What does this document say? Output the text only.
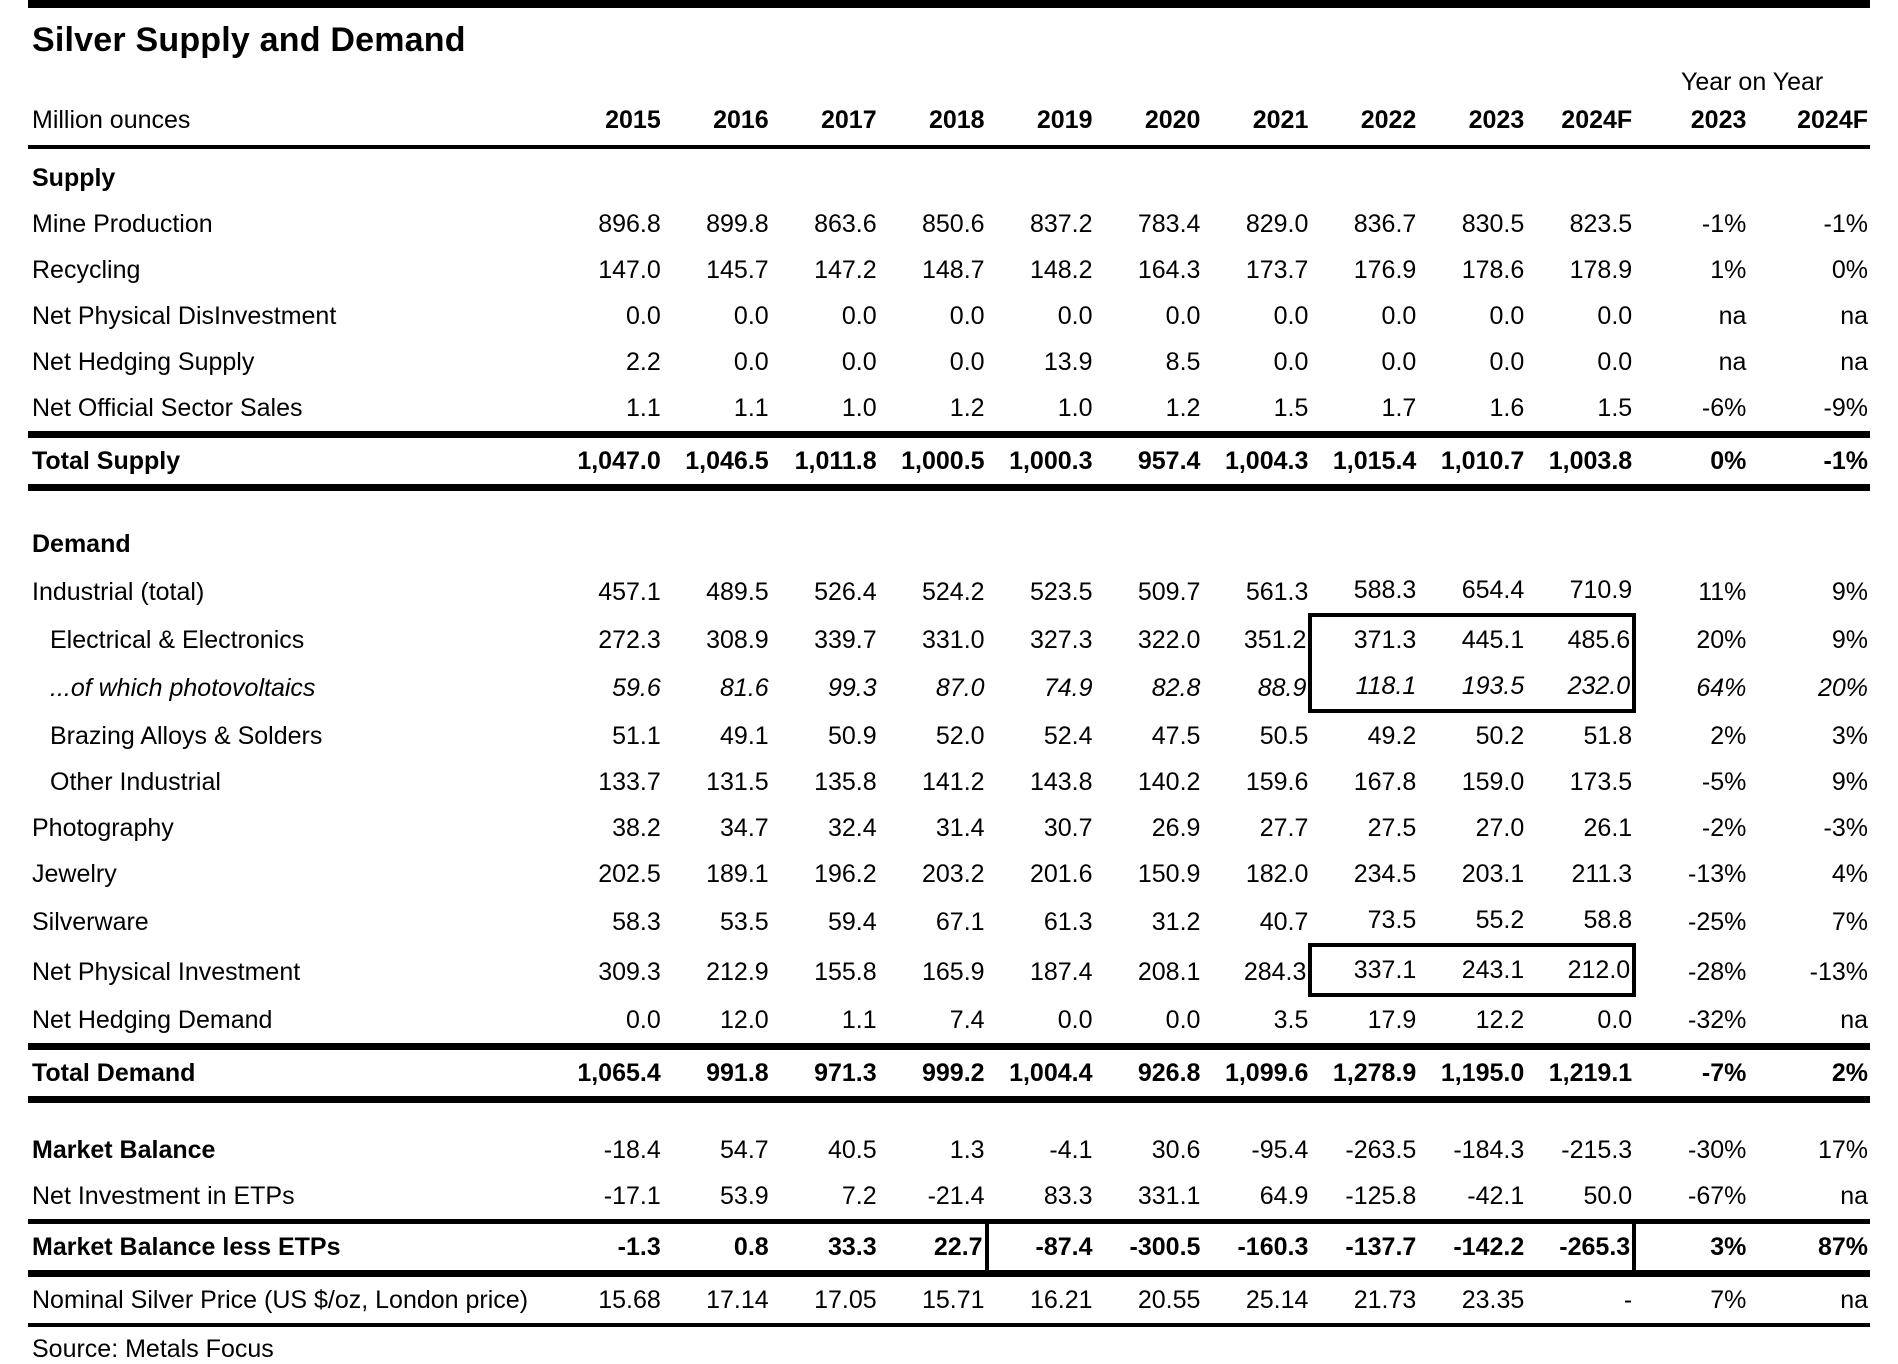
Silver Supply and Demand
											Year on Year	
Million ounces	2015	2016	2017	2018	2019	2020	2021	2022	2023	2024F	2023	2024F
Supply												
Mine Production	896.8	899.8	863.6	850.6	837.2	783.4	829.0	836.7	830.5	823.5	-1%	-1%
Recycling	147.0	145.7	147.2	148.7	148.2	164.3	173.7	176.9	178.6	178.9	1%	0%
Net Physical DisInvestment	0.0	0.0	0.0	0.0	0.0	0.0	0.0	0.0	0.0	0.0	na	na
Net Hedging Supply	2.2	0.0	0.0	0.0	13.9	8.5	0.0	0.0	0.0	0.0	na	na
Net Official Sector Sales	1.1	1.1	1.0	1.2	1.0	1.2	1.5	1.7	1.6	1.5	-6%	-9%
Total Supply	1,047.0	1,046.5	1,011.8	1,000.5	1,000.3	957.4	1,004.3	1,015.4	1,010.7	1,003.8	0%	-1%

Demand												
Industrial (total)	457.1	489.5	526.4	524.2	523.5	509.7	561.3	588.3	654.4	710.9	11%	9%
Electrical & Electronics	272.3	308.9	339.7	331.0	327.3	322.0	351.2	371.3	445.1	485.6	20%	9%
...of which photovoltaics	59.6	81.6	99.3	87.0	74.9	82.8	88.9	118.1	193.5	232.0	64%	20%
Brazing Alloys & Solders	51.1	49.1	50.9	52.0	52.4	47.5	50.5	49.2	50.2	51.8	2%	3%
Other Industrial	133.7	131.5	135.8	141.2	143.8	140.2	159.6	167.8	159.0	173.5	-5%	9%
Photography	38.2	34.7	32.4	31.4	30.7	26.9	27.7	27.5	27.0	26.1	-2%	-3%
Jewelry	202.5	189.1	196.2	203.2	201.6	150.9	182.0	234.5	203.1	211.3	-13%	4%
Silverware	58.3	53.5	59.4	67.1	61.3	31.2	40.7	73.5	55.2	58.8	-25%	7%
Net Physical Investment	309.3	212.9	155.8	165.9	187.4	208.1	284.3	337.1	243.1	212.0	-28%	-13%
Net Hedging Demand	0.0	12.0	1.1	7.4	0.0	0.0	3.5	17.9	12.2	0.0	-32%	na
Total Demand	1,065.4	991.8	971.3	999.2	1,004.4	926.8	1,099.6	1,278.9	1,195.0	1,219.1	-7%	2%

Market Balance	-18.4	54.7	40.5	1.3	-4.1	30.6	-95.4	-263.5	-184.3	-215.3	-30%	17%
Net Investment in ETPs	-17.1	53.9	7.2	-21.4	83.3	331.1	64.9	-125.8	-42.1	50.0	-67%	na
Market Balance less ETPs	-1.3	0.8	33.3	22.7	-87.4	-300.5	-160.3	-137.7	-142.2	-265.3	3%	87%
Nominal Silver Price (US $/oz, London price)	15.68	17.14	17.05	15.71	16.21	20.55	25.14	21.73	23.35	-	7%	na
Source: Metals Focus
